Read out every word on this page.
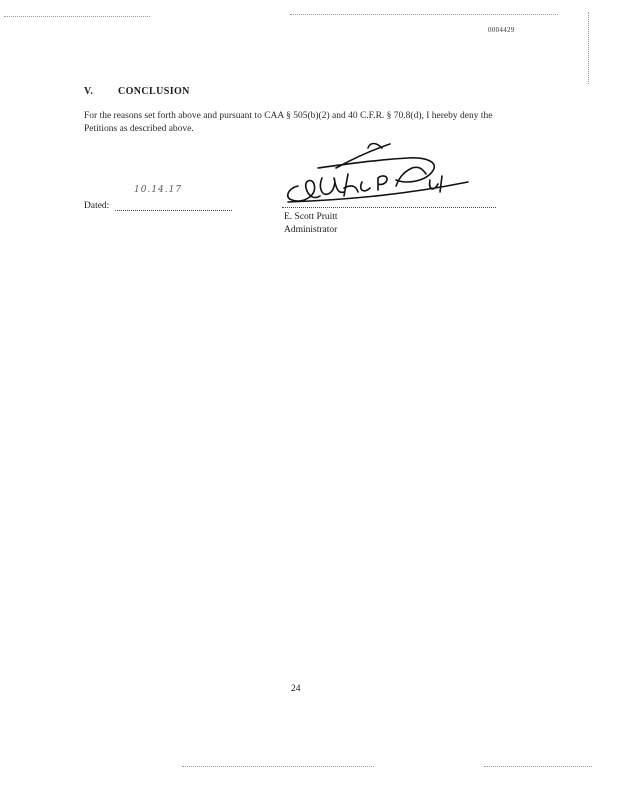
0004429
V. CONCLUSION
For the reasons set forth above and pursuant to CAA § 505(b)(2) and 40 C.F.R. § 70.8(d), I hereby deny the Petitions as described above.
10.14.17
Dated:
E. Scott Pruitt
Administrator
24
